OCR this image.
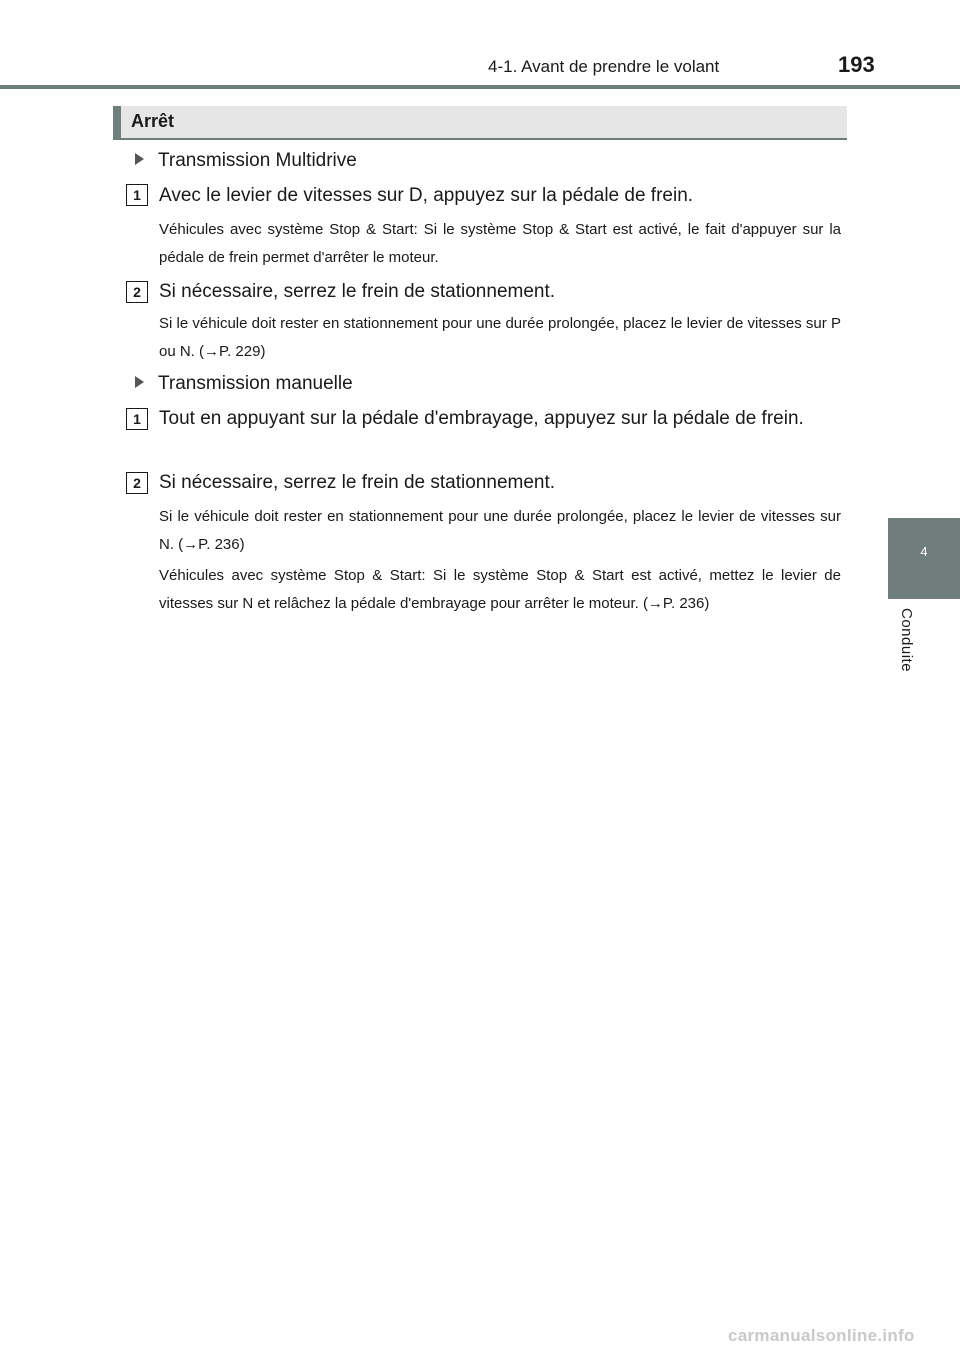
4-1. Avant de prendre le volant	193
Arrêt
Transmission Multidrive
1 Avec le levier de vitesses sur D, appuyez sur la pédale de frein.
Véhicules avec système Stop & Start: Si le système Stop & Start est activé, le fait d'appuyer sur la pédale de frein permet d'arrêter le moteur.
2 Si nécessaire, serrez le frein de stationnement.
Si le véhicule doit rester en stationnement pour une durée prolongée, placez le levier de vitesses sur P ou N. (→P. 229)
Transmission manuelle
1 Tout en appuyant sur la pédale d'embrayage, appuyez sur la pédale de frein.
2 Si nécessaire, serrez le frein de stationnement.
Si le véhicule doit rester en stationnement pour une durée prolongée, placez le levier de vitesses sur N. (→P. 236)
Véhicules avec système Stop & Start: Si le système Stop & Start est activé, mettez le levier de vitesses sur N et relâchez la pédale d'embrayage pour arrêter le moteur. (→P. 236)
4
Conduite
carmanualsonline.info
